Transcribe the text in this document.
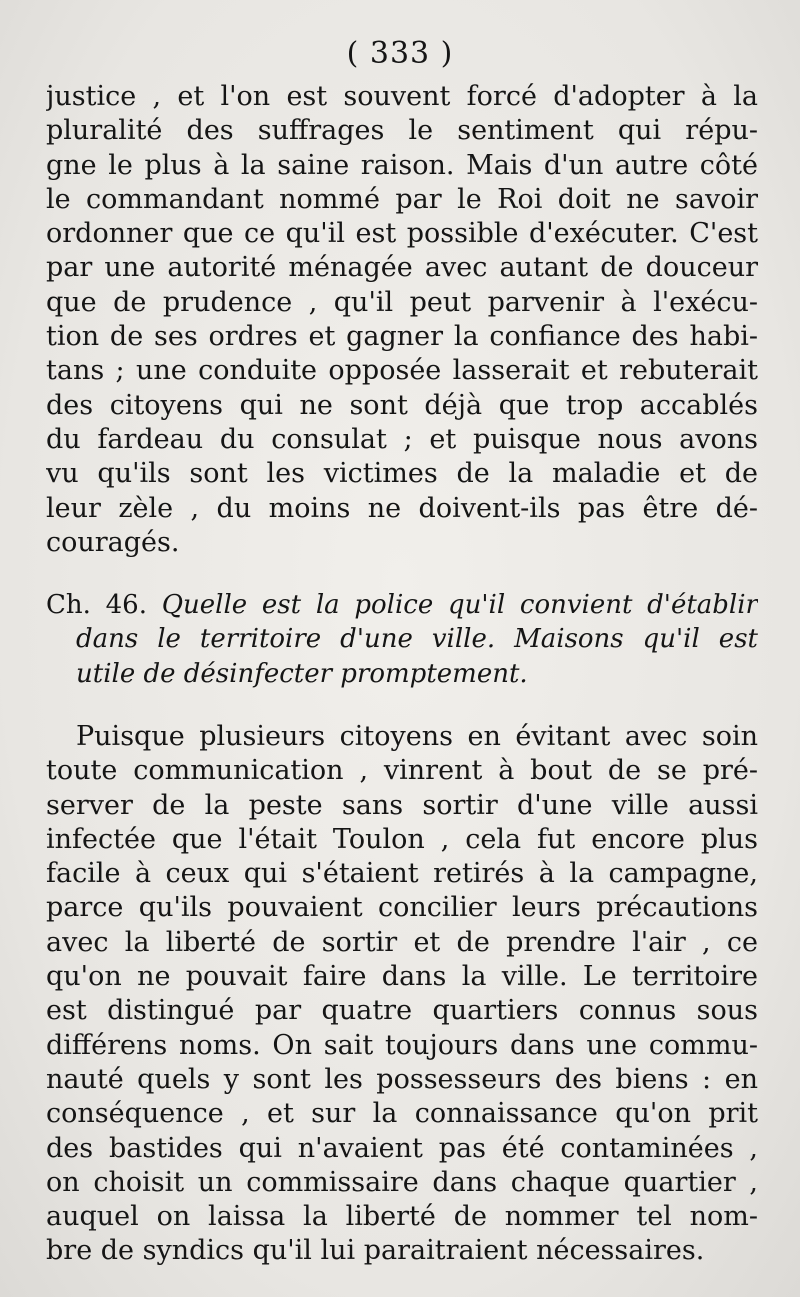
( 333 )
justice , et l'on est souvent forcé d'adopter à la
pluralité des suffrages le sentiment qui répu-
gne le plus à la saine raison. Mais d'un autre côté
le commandant nommé par le Roi doit ne savoir
ordonner que ce qu'il est possible d'exécuter. C'est
par une autorité ménagée avec autant de douceur
que de prudence , qu'il peut parvenir à l'exécu-
tion de ses ordres et gagner la confiance des habi-
tans ; une conduite opposée lasserait et rebuterait
des citoyens qui ne sont déjà que trop accablés
du fardeau du consulat ; et puisque nous avons
vu qu'ils sont les victimes de la maladie et de
leur zèle , du moins ne doivent-ils pas être dé-
couragés.
Ch. 46. Quelle est la police qu'il convient d'établir
dans le territoire d'une ville. Maisons qu'il est
utile de désinfecter promptement.
Puisque plusieurs citoyens en évitant avec soin
toute communication , vinrent à bout de se pré-
server de la peste sans sortir d'une ville aussi
infectée que l'était Toulon , cela fut encore plus
facile à ceux qui s'étaient retirés à la campagne,
parce qu'ils pouvaient concilier leurs précautions
avec la liberté de sortir et de prendre l'air , ce
qu'on ne pouvait faire dans la ville. Le territoire
est distingué par quatre quartiers connus sous
différens noms. On sait toujours dans une commu-
nauté quels y sont les possesseurs des biens : en
conséquence , et sur la connaissance qu'on prit
des bastides qui n'avaient pas été contaminées ,
on choisit un commissaire dans chaque quartier ,
auquel on laissa la liberté de nommer tel nom-
bre de syndics qu'il lui paraitraient nécessaires.
